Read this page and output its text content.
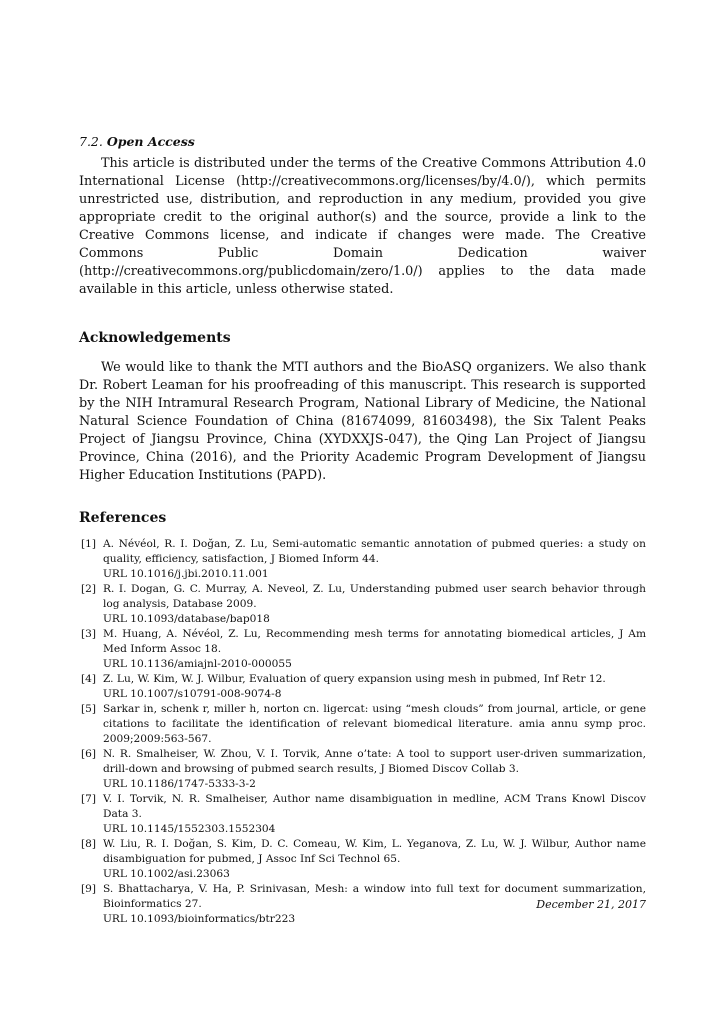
7.2. Open Access

This article is distributed under the terms of the Creative Commons Attribution 4.0 International License (http://creativecommons.org/licenses/by/4.0/), which permits unrestricted use, distribution, and reproduction in any medium, provided you give appropriate credit to the original author(s) and the source, provide a link to the Creative Commons license, and indicate if changes were made. The Creative Commons Public Domain Dedication waiver (http://creativecommons.org/publicdomain/zero/1.0/) applies to the data made available in this article, unless otherwise stated.

Acknowledgements

We would like to thank the MTI authors and the BioASQ organizers. We also thank Dr. Robert Leaman for his proofreading of this manuscript. This research is supported by the NIH Intramural Research Program, National Library of Medicine, the National Natural Science Foundation of China (81674099, 81603498), the Six Talent Peaks Project of Jiangsu Province, China (XYDXXJS-047), the Qing Lan Project of Jiangsu Province, China (2016), and the Priority Academic Program Development of Jiangsu Higher Education Institutions (PAPD).

References
[1] A. Névéol, R. I. Doğan, Z. Lu, Semi-automatic semantic annotation of pubmed queries: a study on quality, efficiency, satisfaction, J Biomed Inform 44.
URL 10.1016/j.jbi.2010.11.001
[2] R. I. Dogan, G. C. Murray, A. Neveol, Z. Lu, Understanding pubmed user search behavior through log analysis, Database 2009.
URL 10.1093/database/bap018
[3] M. Huang, A. Névéol, Z. Lu, Recommending mesh terms for annotating biomedical articles, J Am Med Inform Assoc 18.
URL 10.1136/amiajnl-2010-000055
[4] Z. Lu, W. Kim, W. J. Wilbur, Evaluation of query expansion using mesh in pubmed, Inf Retr 12.
URL 10.1007/s10791-008-9074-8
[5] Sarkar in, schenk r, miller h, norton cn. ligercat: using “mesh clouds” from journal, article, or gene citations to facilitate the identification of relevant biomedical literature. amia annu symp proc. 2009;2009:563-567.
[6] N. R. Smalheiser, W. Zhou, V. I. Torvik, Anne o’tate: A tool to support user-driven summarization, drill-down and browsing of pubmed search results, J Biomed Discov Collab 3.
URL 10.1186/1747-5333-3-2
[7] V. I. Torvik, N. R. Smalheiser, Author name disambiguation in medline, ACM Trans Knowl Discov Data 3.
URL 10.1145/1552303.1552304
[8] W. Liu, R. I. Doğan, S. Kim, D. C. Comeau, W. Kim, L. Yeganova, Z. Lu, W. J. Wilbur, Author name disambiguation for pubmed, J Assoc Inf Sci Technol 65.
URL 10.1002/asi.23063
[9] S. Bhattacharya, V. Ha, P. Srinivasan, Mesh: a window into full text for document summarization, Bioinformatics 27.
URL 10.1093/bioinformatics/btr223
December 21, 2017
